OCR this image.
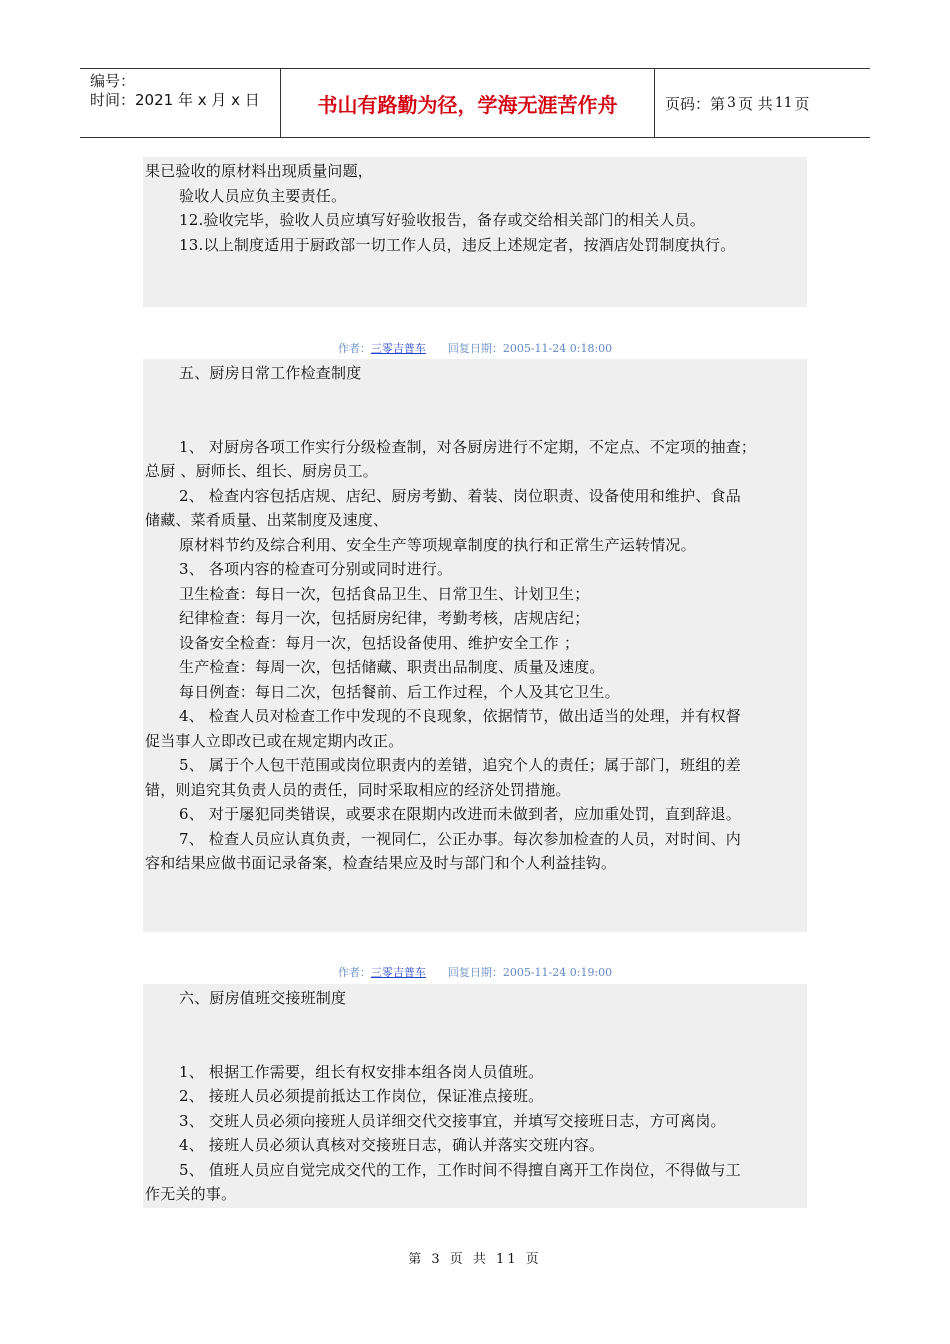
编号：
时间：2021 年 x 月 x 日	书山有路勤为径，学海无涯苦作舟	页码：第 3 页 共 11 页
果已验收的原材料出现质量问题，
验收人员应负主要责任。
12.验收完毕，验收人员应填写好验收报告，备存或交给相关部门的相关人员。
13.以上制度适用于厨政部一切工作人员，违反上述规定者，按酒店处罚制度执行。
作者：三零吉普车 回复日期：2005-11-24 0:18:00
五、厨房日常工作检查制度
1、 对厨房各项工作实行分级检查制，对各厨房进行不定期，不定点、不定项的抽查；
总厨 、厨师长、组长、厨房员工。
2、 检查内容包括店规、店纪、厨房考勤、着装、岗位职责、设备使用和维护、食品
储藏、菜肴质量、出菜制度及速度、
原材料节约及综合利用、安全生产等项规章制度的执行和正常生产运转情况。
3、 各项内容的检查可分别或同时进行。
卫生检查：每日一次，包括食品卫生、日常卫生、计划卫生；
纪律检查：每月一次，包括厨房纪律，考勤考核，店规店纪；
设备安全检查：每月一次，包括设备使用、维护安全工作 ；
生产检查：每周一次，包括储藏、职责出品制度、质量及速度。
每日例查：每日二次，包括餐前、后工作过程，个人及其它卫生。
4、 检查人员对检查工作中发现的不良现象，依据情节，做出适当的处理，并有权督
促当事人立即改已或在规定期内改正。
5、 属于个人包干范围或岗位职责内的差错，追究个人的责任；属于部门，班组的差
错，则追究其负责人员的责任，同时采取相应的经济处罚措施。
6、 对于屡犯同类错误，或要求在限期内改进而未做到者，应加重处罚，直到辞退。
7、 检查人员应认真负责，一视同仁，公正办事。每次参加检查的人员，对时间、内
容和结果应做书面记录备案，检查结果应及时与部门和个人利益挂钩。
作者：三零吉普车 回复日期：2005-11-24 0:19:00
六、厨房值班交接班制度
1、 根据工作需要，组长有权安排本组各岗人员值班。
2、 接班人员必须提前抵达工作岗位，保证准点接班。
3、 交班人员必须向接班人员详细交代交接事宜，并填写交接班日志，方可离岗。
4、 接班人员必须认真核对交接班日志，确认并落实交班内容。
5、 值班人员应自觉完成交代的工作，工作时间不得擅自离开工作岗位，不得做与工
作无关的事。
第 3 页 共 11 页
